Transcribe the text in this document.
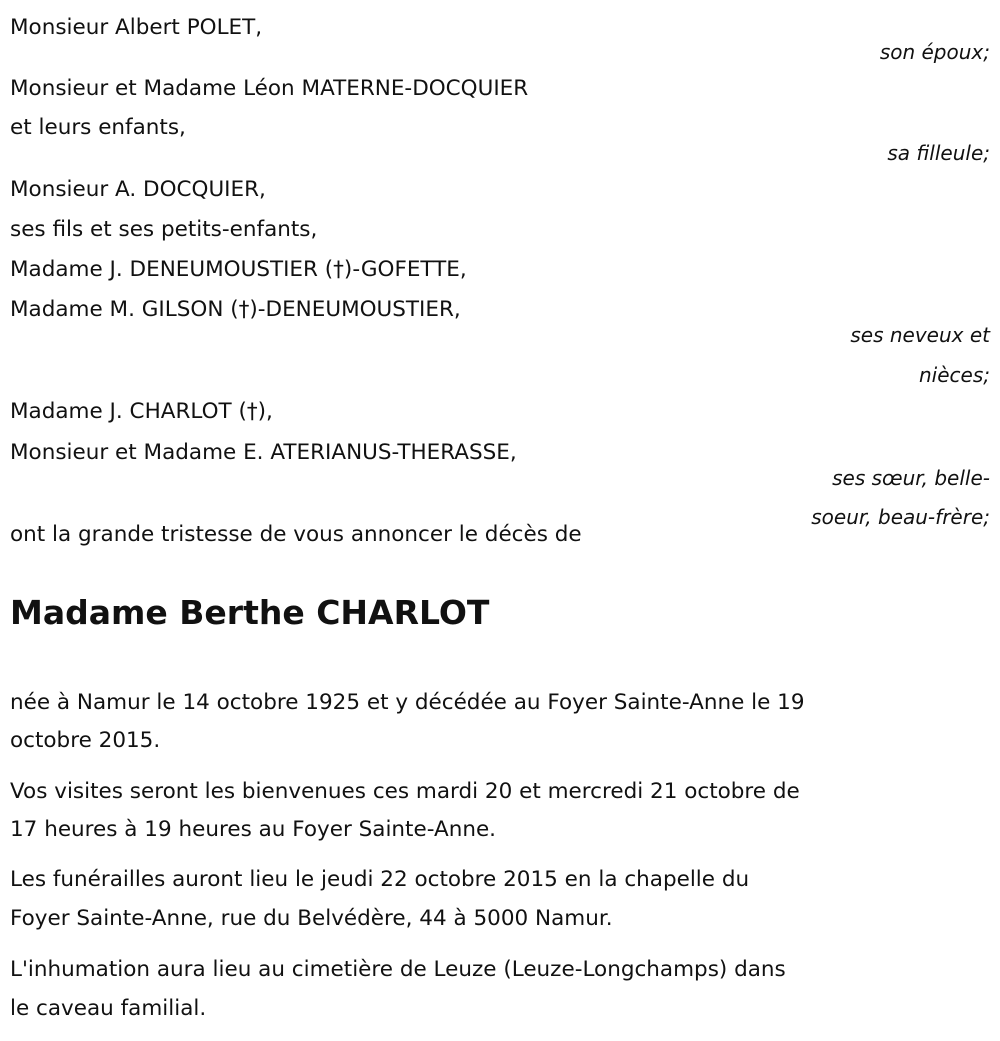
Monsieur Albert POLET,
son époux;
Monsieur et Madame Léon MATERNE-DOCQUIER
et leurs enfants,
sa filleule;
Monsieur A. DOCQUIER,
ses fils et ses petits-enfants,
Madame J. DENEUMOUSTIER (†)-GOFETTE,
Madame M. GILSON (†)-DENEUMOUSTIER,
ses neveux et
nièces;
Madame J. CHARLOT (†),
Monsieur et Madame E. ATERIANUS-THERASSE,
ses sœur, belle-
soeur, beau-frère;
ont la grande tristesse de vous annoncer le décès de
Madame Berthe CHARLOT
née à Namur le 14 octobre 1925 et y décédée au Foyer Sainte-Anne le 19
octobre 2015.
Vos visites seront les bienvenues ces mardi 20 et mercredi 21 octobre de
17 heures à 19 heures au Foyer Sainte-Anne.
Les funérailles auront lieu le jeudi 22 octobre 2015 en la chapelle du
Foyer Sainte-Anne, rue du Belvédère, 44 à 5000 Namur.
L'inhumation aura lieu au cimetière de Leuze (Leuze-Longchamps) dans
le caveau familial.
